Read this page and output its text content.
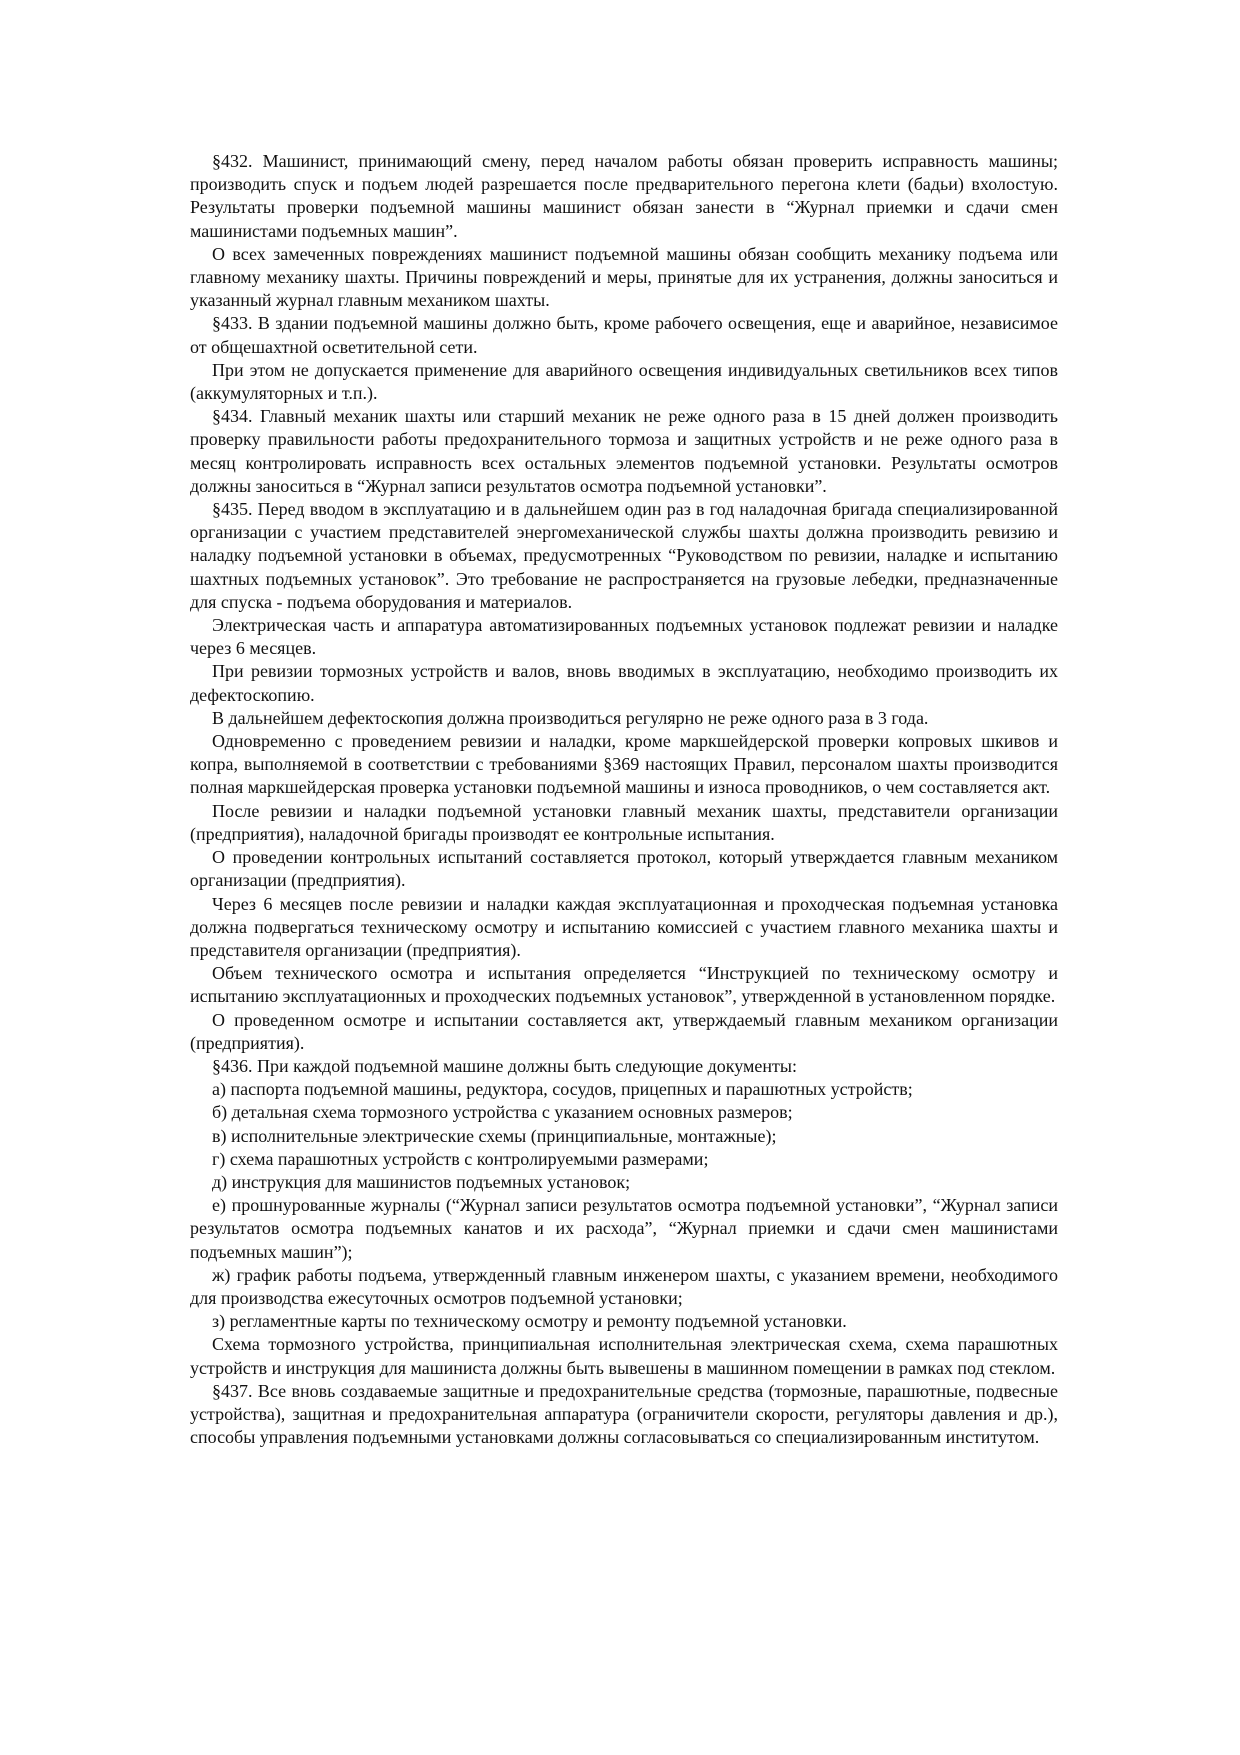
§432. Машинист, принимающий смену, перед началом работы обязан проверить исправность машины; производить спуск и подъем людей разрешается после предварительного перегона клети (бадьи) вхолостую. Результаты проверки подъемной машины машинист обязан занести в “Журнал приемки и сдачи смен машинистами подъемных машин”.

О всех замеченных повреждениях машинист подъемной машины обязан сообщить механику подъема или главному механику шахты. Причины повреждений и меры, принятые для их устранения, должны заноситься и указанный журнал главным механиком шахты.

§433. В здании подъемной машины должно быть, кроме рабочего освещения, еще и аварийное, независимое от общешахтной осветительной сети.

При этом не допускается применение для аварийного освещения индивидуальных светильников всех типов (аккумуляторных и т.п.).

§434. Главный механик шахты или старший механик не реже одного раза в 15 дней должен производить проверку правильности работы предохранительного тормоза и защитных устройств и не реже одного раза в месяц контролировать исправность всех остальных элементов подъемной установки. Результаты осмотров должны заноситься в “Журнал записи результатов осмотра подъемной установки”.

§435. Перед вводом в эксплуатацию и в дальнейшем один раз в год наладочная бригада специализированной организации с участием представителей энергомеханической службы шахты должна производить ревизию и наладку подъемной установки в объемах, предусмотренных “Руководством по ревизии, наладке и испытанию шахтных подъемных установок”. Это требование не распространяется на грузовые лебедки, предназначенные для спуска - подъема оборудования и материалов.

Электрическая часть и аппаратура автоматизированных подъемных установок подлежат ревизии и наладке через 6 месяцев.

При ревизии тормозных устройств и валов, вновь вводимых в эксплуатацию, необходимо производить их дефектоскопию.

В дальнейшем дефектоскопия должна производиться регулярно не реже одного раза в 3 года.

Одновременно с проведением ревизии и наладки, кроме маркшейдерской проверки копровых шкивов и копра, выполняемой в соответствии с требованиями §369 настоящих Правил, персоналом шахты производится полная маркшейдерская проверка установки подъемной машины и износа проводников, о чем составляется акт.

После ревизии и наладки подъемной установки главный механик шахты, представители организации (предприятия), наладочной бригады производят ее контрольные испытания.

О проведении контрольных испытаний составляется протокол, который утверждается главным механиком организации (предприятия).

Через 6 месяцев после ревизии и наладки каждая эксплуатационная и проходческая подъемная установка должна подвергаться техническому осмотру и испытанию комиссией с участием главного механика шахты и представителя организации (предприятия).

Объем технического осмотра и испытания определяется “Инструкцией по техническому осмотру и испытанию эксплуатационных и проходческих подъемных установок”, утвержденной в установленном порядке.

О проведенном осмотре и испытании составляется акт, утверждаемый главным механиком организации (предприятия).

§436. При каждой подъемной машине должны быть следующие документы:

а) паспорта подъемной машины, редуктора, сосудов, прицепных и парашютных устройств;

б) детальная схема тормозного устройства с указанием основных размеров;

в) исполнительные электрические схемы (принципиальные, монтажные);

г) схема парашютных устройств с контролируемыми размерами;

д) инструкция для машинистов подъемных установок;

е) прошнурованные журналы (“Журнал записи результатов осмотра подъемной установки”, “Журнал записи результатов осмотра подъемных канатов и их расхода”, “Журнал приемки и сдачи смен машинистами подъемных машин”);

ж) график работы подъема, утвержденный главным инженером шахты, с указанием времени, необходимого для производства ежесуточных осмотров подъемной установки;

з) регламентные карты по техническому осмотру и ремонту подъемной установки.

Схема тормозного устройства, принципиальная исполнительная электрическая схема, схема парашютных устройств и инструкция для машиниста должны быть вывешены в машинном помещении в рамках под стеклом.

§437. Все вновь создаваемые защитные и предохранительные средства (тормозные, парашютные, подвесные устройства), защитная и предохранительная аппаратура (ограничители скорости, регуляторы давления и др.), способы управления подъемными установками должны согласовываться со специализированным институтом.
